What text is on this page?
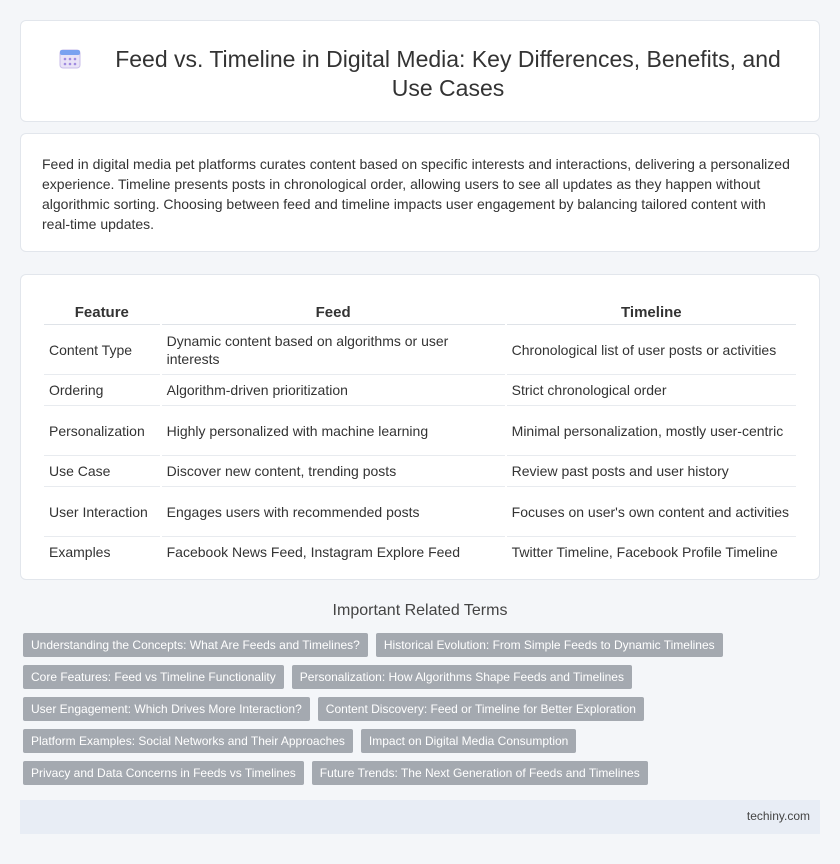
Feed vs. Timeline in Digital Media: Key Differences, Benefits, and Use Cases
Feed in digital media pet platforms curates content based on specific interests and interactions, delivering a personalized experience. Timeline presents posts in chronological order, allowing users to see all updates as they happen without algorithmic sorting. Choosing between feed and timeline impacts user engagement by balancing tailored content with real-time updates.
Feature	Feed	Timeline
Content Type	Dynamic content based on algorithms or user interests	Chronological list of user posts or activities
Ordering	Algorithm-driven prioritization	Strict chronological order
Personalization	Highly personalized with machine learning	Minimal personalization, mostly user-centric
Use Case	Discover new content, trending posts	Review past posts and user history
User Interaction	Engages users with recommended posts	Focuses on user's own content and activities
Examples	Facebook News Feed, Instagram Explore Feed	Twitter Timeline, Facebook Profile Timeline
Important Related Terms
Understanding the Concepts: What Are Feeds and Timelines?	Historical Evolution: From Simple Feeds to Dynamic Timelines
Core Features: Feed vs Timeline Functionality	Personalization: How Algorithms Shape Feeds and Timelines
User Engagement: Which Drives More Interaction?	Content Discovery: Feed or Timeline for Better Exploration
Platform Examples: Social Networks and Their Approaches	Impact on Digital Media Consumption
Privacy and Data Concerns in Feeds vs Timelines	Future Trends: The Next Generation of Feeds and Timelines
techiny.com
